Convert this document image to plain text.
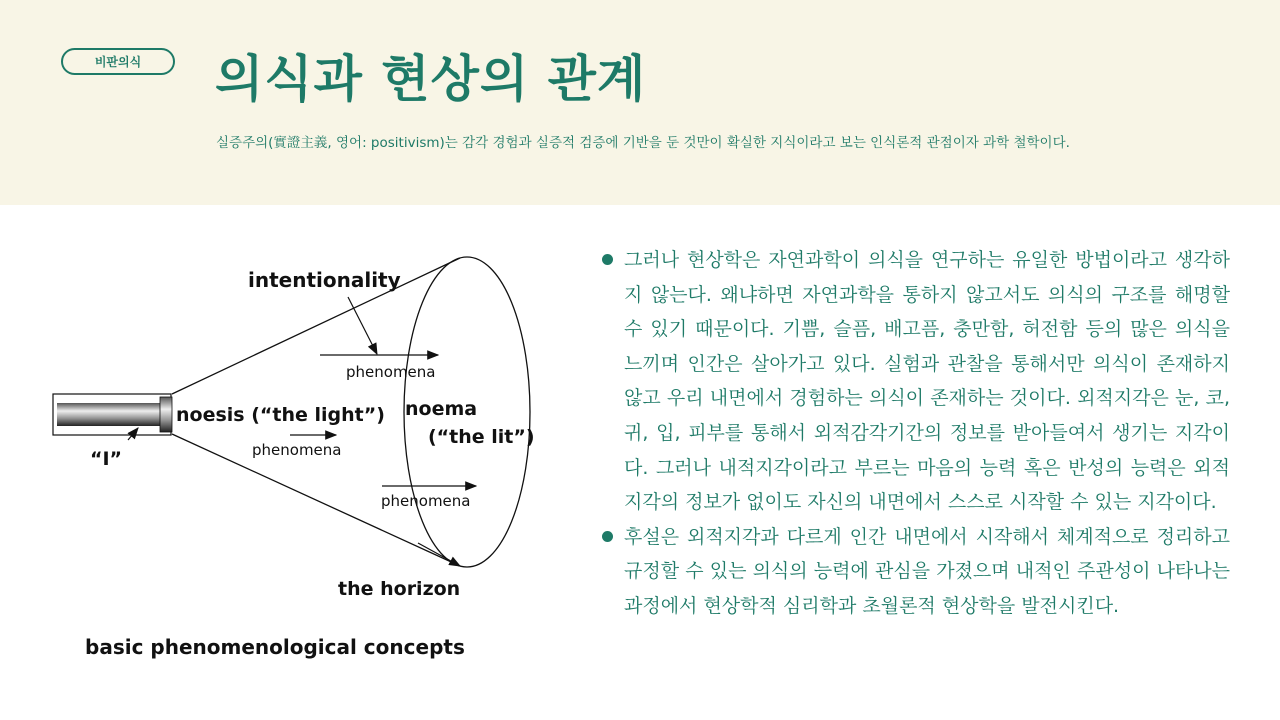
비판의식	의식과 현상의 관계
실증주의(實證主義, 영어: positivism)는 감각 경험과 실증적 검증에 기반을 둔 것만이 확실한 지식이라고 보는 인식론적 관점이자 과학 철학이다.
intentionality
phenomena
noesis (“the light”)
phenomena
noema
(“the lit”)
phenomena
“I”
the horizon
basic phenomenological concepts
그러나 현상학은 자연과학이 의식을 연구하는 유일한 방법이라고 생각하지 않는다. 왜냐하면 자연과학을 통하지 않고서도 의식의 구조를 해명할 수 있기 때문이다. 기쁨, 슬픔, 배고픔, 충만함, 허전함 등의 많은 의식을 느끼며 인간은 살아가고 있다. 실험과 관찰을 통해서만 의식이 존재하지 않고 우리 내면에서 경험하는 의식이 존재하는 것이다. 외적지각은 눈, 코, 귀, 입, 피부를 통해서 외적감각기간의 정보를 받아들여서 생기는 지각이다. 그러나 내적지각이라고 부르는 마음의 능력 혹은 반성의 능력은 외적 지각의 정보가 없이도 자신의 내면에서 스스로 시작할 수 있는 지각이다.
후설은 외적지각과 다르게 인간 내면에서 시작해서 체계적으로 정리하고 규정할 수 있는 의식의 능력에 관심을 가졌으며 내적인 주관성이 나타나는 과정에서 현상학적 심리학과 초월론적 현상학을 발전시킨다.
